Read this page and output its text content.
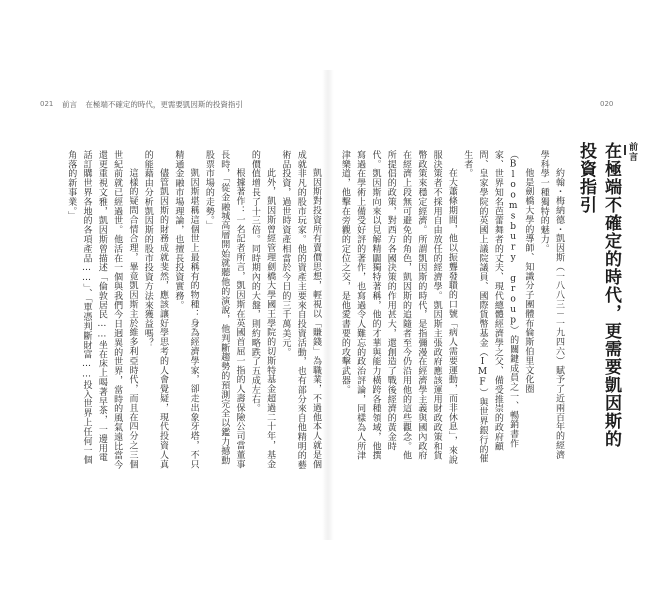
021 前言 在極端不確定的時代，更需要凱因斯的投資指引

凱因斯對投資所有賣價思想，輕視以「賺錢」為職業，不過他本人就是個成就非凡的股市玩家。他的資產主要來自投資活動，也有部分來自他精明的藝術品投資，過世時資產相當於今日的三千萬美元。

此外，凱因斯曾經管理劍橋大學國王學院的切斯特基金超過二十年，基金的價值增長了十三倍。同時期內的大盤，則約略跌了五成左右。

根據著作：一名記者所言，凱因斯在英國首屈一指的人壽保險公司當董事長時，「從金融城高層開始就聽他的演說，他判斷趨勢的預測完全以鑑力撼動股票市場的走勢。」

凱因斯堪稱這個世上最稱有的物種：身為經濟學家，卻走出象牙塔，不只精通金融市場理論，也擅長投資實務。

儘管凱因斯的財務成就斐然，應該讓好學思考的人會覺疑，現代投資人真的能藉由分析凱因斯的股市投資方法來獲益嗎？

這樣的疑問合情合理，畢竟凱因斯主於維多利亞時代，而且在四分之三個世紀前就已經過世。他活在一個與我們今日迥異的世界，當時的風氣遠比當今還更重視文雅，凱因斯曾描述「倫敦居民……坐在床上喝著早茶，一邊用電話訂購世界各地的各項產品……」、「單憑判斷財富……投入世界上任何一個角落的新事業。」

020
前言
在極端不確定的時代，更需要凱因斯的投資指引

約翰・梅納德・凱因斯（一八八三－一九四六）賦予了近兩百年的經濟學科學一種獨特的魅力。

他是劍橋大學的導師、知識分子團體布倫斯伯里文化圈（Bloomsbury group）的關鍵成員之一、暢銷書作家、世界知名芭蕾舞者的丈夫、現代總體經濟學之父、備受推崇的政府顧問、皇家學院的英國上議院議員、國際貨幣基金（IMF）與世界銀行的催生者。

在大蕭條期間，他以振聾發聵的口號「病人需要運動，而非休息」，來說服決策者不採用自由放任的經濟學。凱因斯主張政府應該運用財政政策和貨幣政策來穩定經濟。所謂凱因斯的時代，是指彌漫在經濟學主義與國內政府在經濟上段無可避免的角色，凱因斯的追隨者至今仍沿用他的這些觀念。他所提倡的政策，對西方各國決策的作用甚大，還創造了戰後經濟的黃金時代。凱因斯向來以見解精闢獨特著稱，他的才華與能力橫跨各種領域，他撰寫過在學術上備受好評的著作，也寫過令人難忘的政治評論，同樣為人所津津樂道，他擊在旁觀的定位之交，是他愛書要的攻擊武器。
